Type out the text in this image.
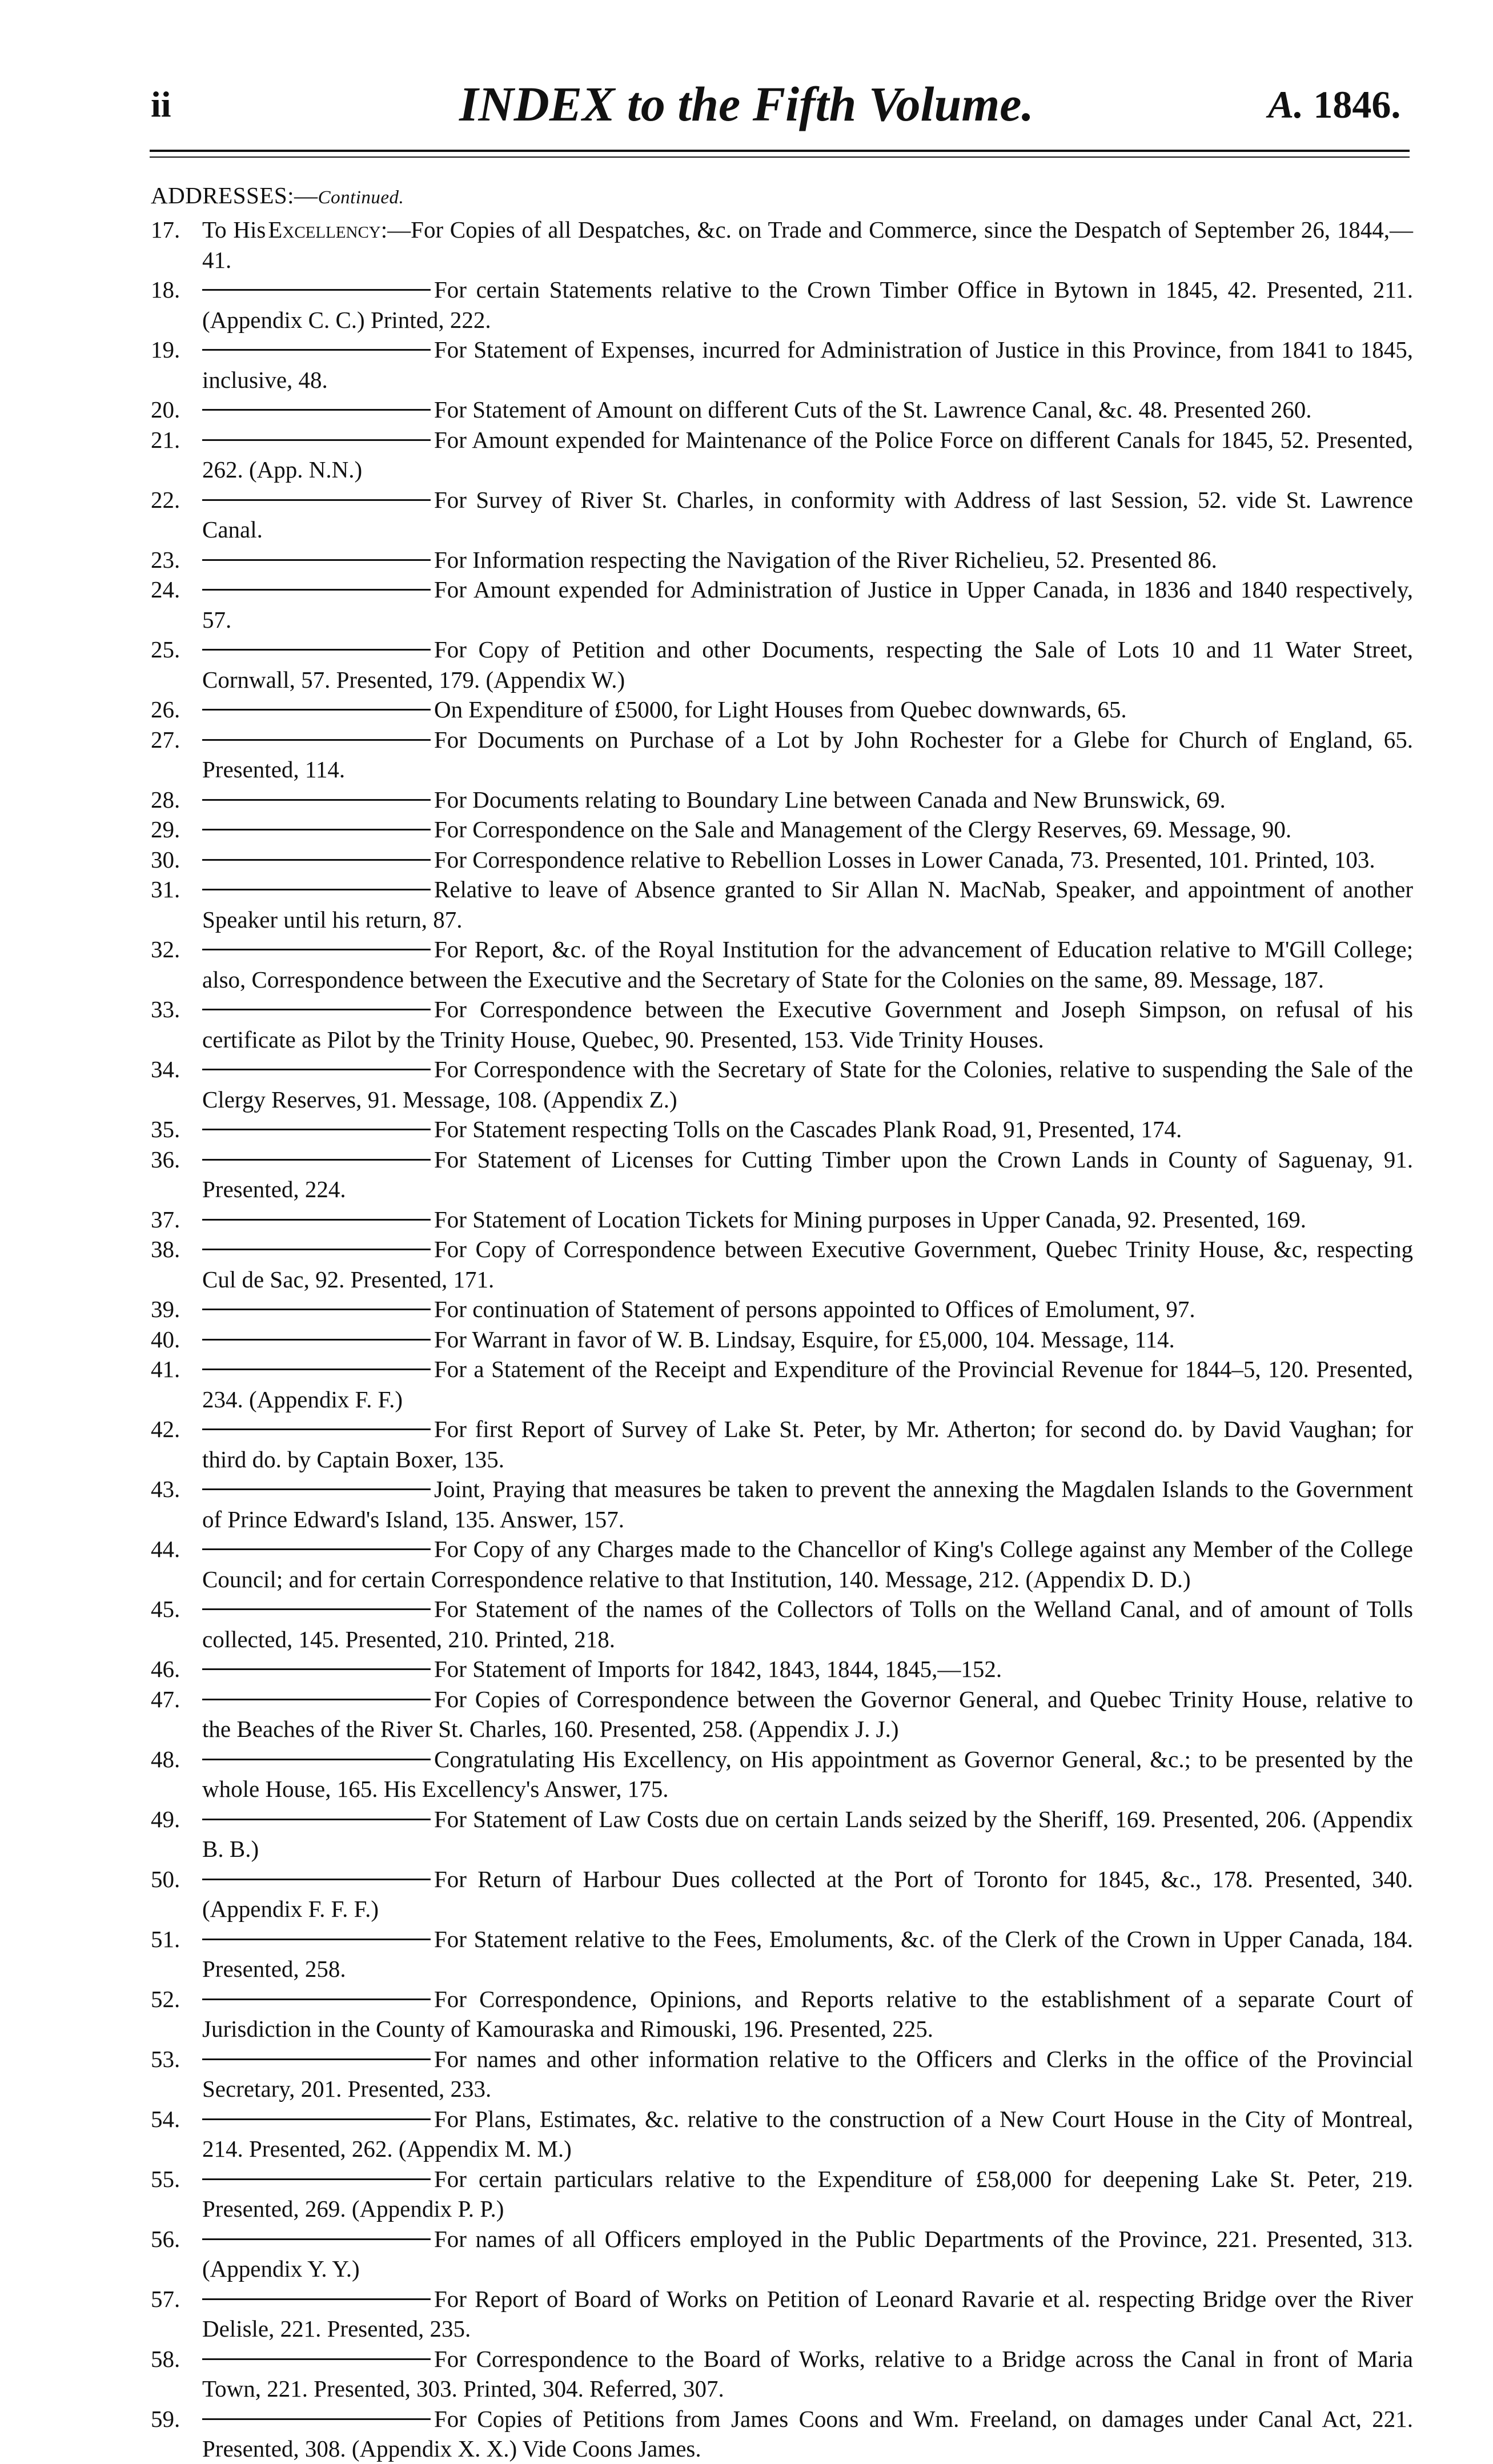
ii	INDEX to the Fifth Volume.	A. 1846.
ADDRESSES:—Continued.
17. To HisExcellency:—For Copies of all Despatches, &c. on Trade and Commerce, since the Despatch of September 26, 1844,—41.
18.	For certain Statements relative to the Crown Timber Office in Bytown in 1845, 42. Presented, 211. (Appendix C. C.) Printed, 222.
19.	For Statement of Expenses, incurred for Administration of Justice in this Province, from 1841 to 1845, inclusive, 48.
20.	For Statement of Amount on different Cuts of the St. Lawrence Canal, &c. 48. Presented 260.
21.	For Amount expended for Maintenance of the Police Force on different Canals for 1845, 52. Presented, 262. (App. N.N.)
22.	For Survey of River St. Charles, in conformity with Address of last Session, 52. vide St. Lawrence Canal.
23.	For Information respecting the Navigation of the River Richelieu, 52. Presented 86.
24.	For Amount expended for Administration of Justice in Upper Canada, in 1836 and 1840 respectively, 57.
25.	For Copy of Petition and other Documents, respecting the Sale of Lots 10 and 11 Water Street, Cornwall, 57. Presented, 179. (Appendix W.)
26.	On Expenditure of £5000, for Light Houses from Quebec downwards, 65.
27.	For Documents on Purchase of a Lot by John Rochester for a Glebe for Church of England, 65. Presented, 114.
28.	For Documents relating to Boundary Line between Canada and New Brunswick, 69.
29.	For Correspondence on the Sale and Management of the Clergy Reserves, 69. Message, 90.
30.	For Correspondence relative to Rebellion Losses in Lower Canada, 73. Presented, 101. Printed, 103.
31.	Relative to leave of Absence granted to Sir Allan N. MacNab, Speaker, and appointment of another Speaker until his return, 87.
32.	For Report, &c. of the Royal Institution for the advancement of Education relative to M'Gill College; also, Correspondence between the Executive and the Secretary of State for the Colonies on the same, 89. Message, 187.
33.	For Correspondence between the Executive Government and Joseph Simpson, on refusal of his certificate as Pilot by the Trinity House, Quebec, 90. Presented, 153. Vide Trinity Houses.
34.	For Correspondence with the Secretary of State for the Colonies, relative to suspending the Sale of the Clergy Reserves, 91. Message, 108. (Appendix Z.)
35.	For Statement respecting Tolls on the Cascades Plank Road, 91, Presented, 174.
36.	For Statement of Licenses for Cutting Timber upon the Crown Lands in County of Saguenay, 91. Presented, 224.
37.	For Statement of Location Tickets for Mining purposes in Upper Canada, 92. Presented, 169.
38.	For Copy of Correspondence between Executive Government, Quebec Trinity House, &c, respecting Cul de Sac, 92. Presented, 171.
39.	For continuation of Statement of persons appointed to Offices of Emolument, 97.
40.	For Warrant in favor of W. B. Lindsay, Esquire, for £5,000, 104. Message, 114.
41.	For a Statement of the Receipt and Expenditure of the Provincial Revenue for 1844–5, 120. Presented, 234. (Appendix F. F.)
42.	For first Report of Survey of Lake St. Peter, by Mr. Atherton; for second do. by David Vaughan; for third do. by Captain Boxer, 135.
43.	Joint, Praying that measures be taken to prevent the annexing the Magdalen Islands to the Government of Prince Edward's Island, 135. Answer, 157.
44.	For Copy of any Charges made to the Chancellor of King's College against any Member of the College Council; and for certain Correspondence relative to that Institution, 140. Message, 212. (Appendix D. D.)
45.	For Statement of the names of the Collectors of Tolls on the Welland Canal, and of amount of Tolls collected, 145. Presented, 210. Printed, 218.
46.	For Statement of Imports for 1842, 1843, 1844, 1845,—152.
47.	For Copies of Correspondence between the Governor General, and Quebec Trinity House, relative to the Beaches of the River St. Charles, 160. Presented, 258. (Appendix J. J.)
48.	Congratulating His Excellency, on His appointment as Governor General, &c.; to be presented by the whole House, 165. His Excellency's Answer, 175.
49.	For Statement of Law Costs due on certain Lands seized by the Sheriff, 169. Presented, 206. (Appendix B. B.)
50.	For Return of Harbour Dues collected at the Port of Toronto for 1845, &c., 178. Presented, 340. (Appendix F. F. F.)
51.	For Statement relative to the Fees, Emoluments, &c. of the Clerk of the Crown in Upper Canada, 184. Presented, 258.
52.	For Correspondence, Opinions, and Reports relative to the establishment of a separate Court of Jurisdiction in the County of Kamouraska and Rimouski, 196. Presented, 225.
53.	For names and other information relative to the Officers and Clerks in the office of the Provincial Secretary, 201. Presented, 233.
54.	For Plans, Estimates, &c. relative to the construction of a New Court House in the City of Montreal, 214. Presented, 262. (Appendix M. M.)
55.	For certain particulars relative to the Expenditure of £58,000 for deepening Lake St. Peter, 219. Presented, 269. (Appendix P. P.)
56.	For names of all Officers employed in the Public Departments of the Province, 221. Presented, 313. (Appendix Y. Y.)
57.	For Report of Board of Works on Petition of Leonard Ravarie et al. respecting Bridge over the River Delisle, 221. Presented, 235.
58.	For Correspondence to the Board of Works, relative to a Bridge across the Canal in front of Maria Town, 221. Presented, 303. Printed, 304. Referred, 307.
59.	For Copies of Petitions from James Coons and Wm. Freeland, on damages under Canal Act, 221. Presented, 308. (Appendix X. X.) Vide Coons James.
